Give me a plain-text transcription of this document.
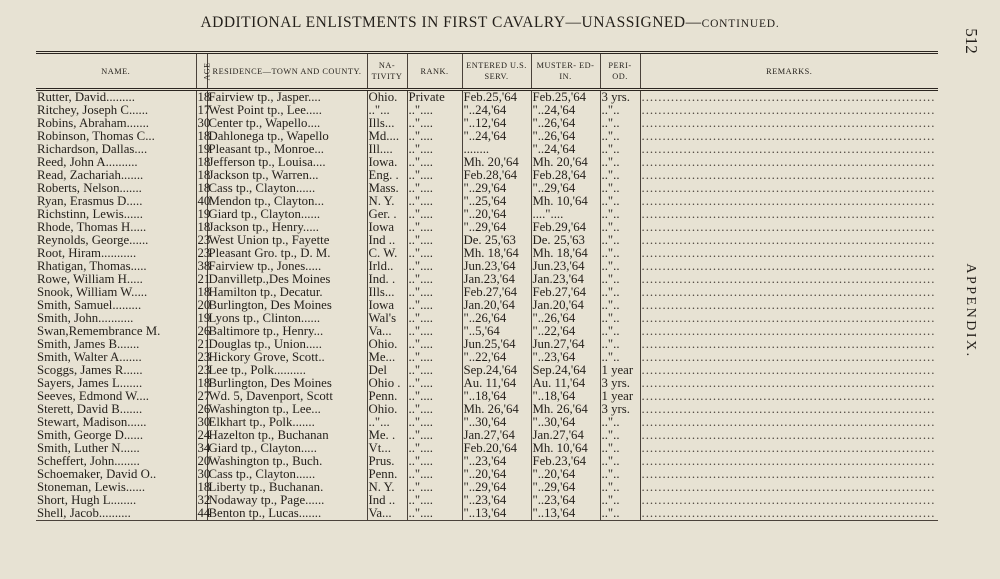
ADDITIONAL ENLISTMENTS IN FIRST CAVALRY—UNASSIGNED—CONTINUED.
512
APPENDIX.
NAME.	AGE	RESIDENCE—TOWN AND COUNTY.	NA- TIVITY	RANK.	ENTERED U.S. SERV.	MUSTER- ED-IN.	PERI- OD.	REMARKS.
Rutter, David.........	18	Fairview tp., Jasper....	Ohio.	Private	Feb.25,'64	Feb.25,'64	3 yrs.	......................................................................
Ritchey, Joseph C......	17	West Point tp., Lee.....	.."...	.."....	"..24,'64	"..24,'64	.."..	......................................................................
Robins, Abraham.......	30	Center tp., Wapello....	Ills...	.."....	"..12,'64	"..26,'64	.."..	......................................................................
Robinson, Thomas C...	18	Dahlonega tp., Wapello	Md....	.."....	"..24,'64	"..26,'64	.."..	......................................................................
Richardson, Dallas....	19	Pleasant tp., Monroe...	Ill....	.."....	........	"..24,'64	.."..	......................................................................
Reed, John A..........	18	Jefferson tp., Louisa....	Iowa.	.."....	Mh. 20,'64	Mh. 20,'64	.."..	......................................................................
Read, Zachariah.......	18	Jackson tp., Warren...	Eng. .	.."....	Feb.28,'64	Feb.28,'64	.."..	......................................................................
Roberts, Nelson.......	18	Cass tp., Clayton......	Mass.	.."....	"..29,'64	"..29,'64	.."..	......................................................................
Ryan, Erasmus D.....	40	Mendon tp., Clayton...	N. Y.	.."....	"..25,'64	Mh. 10,'64	.."..	......................................................................
Richstinn, Lewis......	19	Giard tp., Clayton......	Ger. .	.."....	"..20,'64	...."....	.."..	......................................................................
Rhode, Thomas H.....	18	Jackson tp., Henry.....	Iowa	.."....	"..29,'64	Feb.29,'64	.."..	......................................................................
Reynolds, George......	23	West Union tp., Fayette	Ind ..	.."....	De. 25,'63	De. 25,'63	.."..	......................................................................
Root, Hiram...........	23	Pleasant Gro. tp., D. M.	C. W.	.."....	Mh. 18,'64	Mh. 18,'64	.."..	......................................................................
Rhatigan, Thomas.....	38	Fairview tp., Jones.....	Irld..	.."....	Jun.23,'64	Jun.23,'64	.."..	......................................................................
Rowe, William H.....	21	Danvilletp.,Des Moines	Ind. .	.."....	Jan.23,'64	Jan.23,'64	.."..	......................................................................
Snook, William W.....	18	Hamilton tp., Decatur.	Ills...	.."....	Feb.27,'64	Feb.27,'64	.."..	......................................................................
Smith, Samuel.........	20	Burlington, Des Moines	Iowa	.."....	Jan.20,'64	Jan.20,'64	.."..	......................................................................
Smith, John...........	19	Lyons tp., Clinton......	Wal's	.."....	"..26,'64	"..26,'64	.."..	......................................................................
Swan,Remembrance M.	26	Baltimore tp., Henry...	Va...	.."....	"..5,'64	"..22,'64	.."..	......................................................................
Smith, James B.......	21	Douglas tp., Union.....	Ohio.	.."....	Jun.25,'64	Jun.27,'64	.."..	......................................................................
Smith, Walter A.......	23	Hickory Grove, Scott..	Me...	.."....	"..22,'64	"..23,'64	.."..	......................................................................
Scoggs, James R......	23	Lee tp., Polk..........	Del	.."....	Sep.24,'64	Sep.24,'64	1 year	......................................................................
Sayers, James L.......	18	Burlington, Des Moines	Ohio .	.."....	Au. 11,'64	Au. 11,'64	3 yrs.	......................................................................
Seeves, Edmond W....	27	Wd. 5, Davenport, Scott	Penn.	.."....	"..18,'64	"..18,'64	1 year	......................................................................
Sterett, David B.......	26	Washington tp., Lee...	Ohio.	.."....	Mh. 26,'64	Mh. 26,'64	3 yrs.	......................................................................
Stewart, Madison......	30	Elkhart tp., Polk.......	.."...	.."....	"..30,'64	"..30,'64	.."..	......................................................................
Smith, George D......	24	Hazelton tp., Buchanan	Me. .	.."....	Jan.27,'64	Jan.27,'64	.."..	......................................................................
Smith, Luther N......	34	Giard tp., Clayton.....	Vt...	.."....	Feb.20,'64	Mh. 10,'64	.."..	......................................................................
Scheffert, John........	20	Washington tp., Buch.	Prus.	.."....	"..23,'64	Feb.23,'64	.."..	......................................................................
Schoemaker, David O..	30	Cass tp., Clayton......	Penn.	.."....	"..20,'64	"..20,'64	.."..	......................................................................
Stoneman, Lewis......	18	Liberty tp., Buchanan.	N. Y.	.."....	"..29,'64	"..29,'64	.."..	......................................................................
Short, Hugh L........	32	Nodaway tp., Page......	Ind ..	.."....	"..23,'64	"..23,'64	.."..	......................................................................
Shell, Jacob..........	44	Benton tp., Lucas.......	Va...	.."....	"..13,'64	"..13,'64	.."..	......................................................................
